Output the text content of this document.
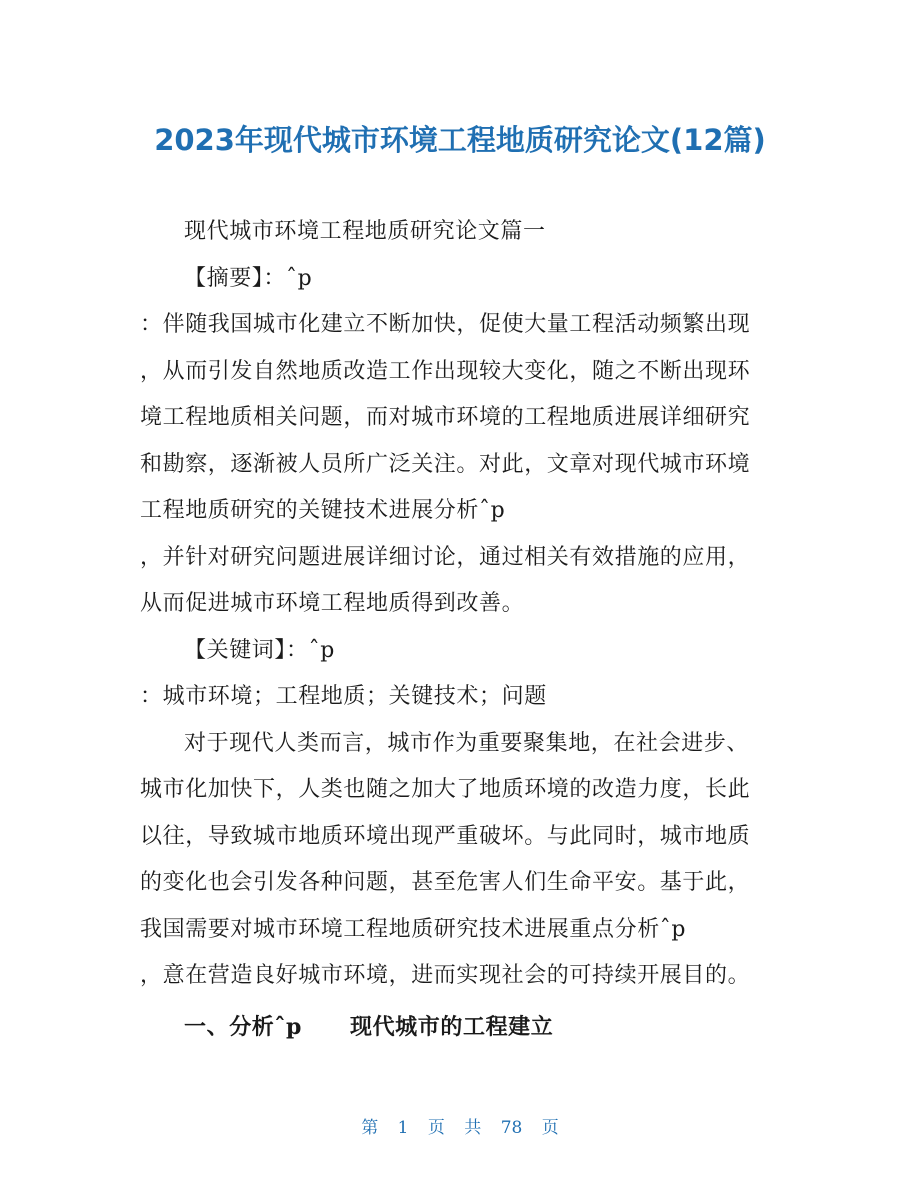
2023年现代城市环境工程地质研究论文(12篇)
现代城市环境工程地质研究论文篇一
【摘要】：ˆp
：伴随我国城市化建立不断加快，促使大量工程活动频繁出现
，从而引发自然地质改造工作出现较大变化，随之不断出现环
境工程地质相关问题，而对城市环境的工程地质进展详细研究
和勘察，逐渐被人员所广泛关注。对此，文章对现代城市环境
工程地质研究的关键技术进展分析ˆp
，并针对研究问题进展详细讨论，通过相关有效措施的应用，
从而促进城市环境工程地质得到改善。
【关键词】：ˆp
：城市环境；工程地质；关键技术；问题
对于现代人类而言，城市作为重要聚集地，在社会进步、
城市化加快下，人类也随之加大了地质环境的改造力度，长此
以往，导致城市地质环境出现严重破坏。与此同时，城市地质
的变化也会引发各种问题，甚至危害人们生命平安。基于此，
我国需要对城市环境工程地质研究技术进展重点分析ˆp
，意在营造良好城市环境，进而实现社会的可持续开展目的。
一、分析ˆp 现代城市的工程建立
第 1 页 共 78 页
